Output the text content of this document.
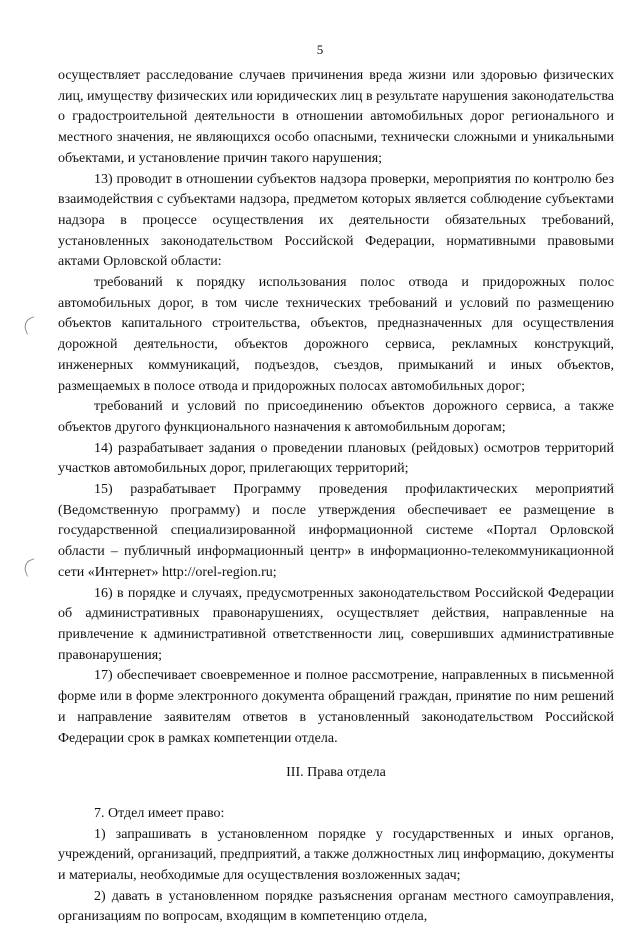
5

осуществляет расследование случаев причинения вреда жизни или здоровью физических лиц, имуществу физических или юридических лиц в результате нарушения законодательства о градостроительной деятельности в отношении автомобильных дорог регионального и местного значения, не являющихся особо опасными, технически сложными и уникальными объектами, и установление причин такого нарушения;

13) проводит в отношении субъектов надзора проверки, мероприятия по контролю без взаимодействия с субъектами надзора, предметом которых является соблюдение субъектами надзора в процессе осуществления их деятельности обязательных требований, установленных законодательством Российской Федерации, нормативными правовыми актами Орловской области:

требований к порядку использования полос отвода и придорожных полос автомобильных дорог, в том числе технических требований и условий по размещению объектов капитального строительства, объектов, предназначенных для осуществления дорожной деятельности, объектов дорожного сервиса, рекламных конструкций, инженерных коммуникаций, подъездов, съездов, примыканий и иных объектов, размещаемых в полосе отвода и придорожных полосах автомобильных дорог;

требований и условий по присоединению объектов дорожного сервиса, а также объектов другого функционального назначения к автомобильным дорогам;

14) разрабатывает задания о проведении плановых (рейдовых) осмотров территорий участков автомобильных дорог, прилегающих территорий;

15) разрабатывает Программу проведения профилактических мероприятий (Ведомственную программу) и после утверждения обеспечивает ее размещение в государственной специализированной информационной системе «Портал Орловской области – публичный информационный центр» в информационно-телекоммуникационной сети «Интернет» http://orel-region.ru;

16) в порядке и случаях, предусмотренных законодательством Российской Федерации об административных правонарушениях, осуществляет действия, направленные на привлечение к административной ответственности лиц, совершивших административные правонарушения;

17) обеспечивает своевременное и полное рассмотрение, направленных в письменной форме или в форме электронного документа обращений граждан, принятие по ним решений и направление заявителям ответов в установленный законодательством Российской Федерации срок в рамках компетенции отдела.

III. Права отдела

7. Отдел имеет право:

1) запрашивать в установленном порядке у государственных и иных органов, учреждений, организаций, предприятий, а также должностных лиц информацию, документы и материалы, необходимые для осуществления возложенных задач;

2) давать в установленном порядке разъяснения органам местного самоуправления, организациям по вопросам, входящим в компетенцию отдела,
